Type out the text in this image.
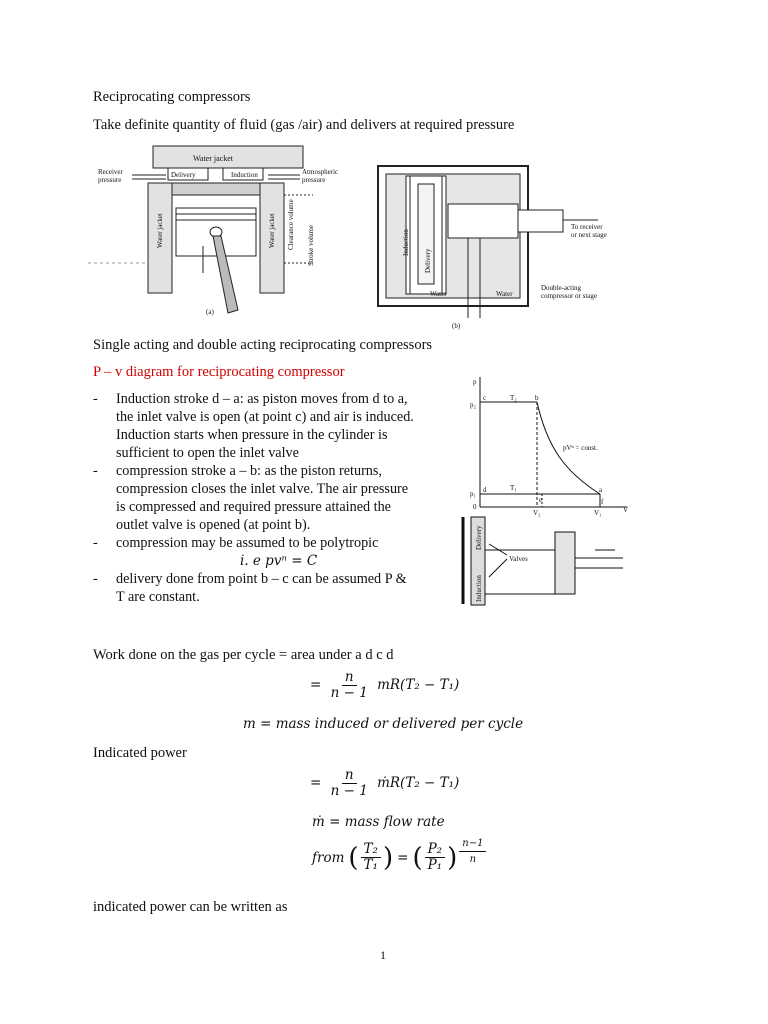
Reciprocating compressors
Take definite quantity of fluid (gas /air) and delivers at required pressure
Water jacket
Receiver
pressure
Delivery	Induction	Atmospheric
pressure
Water jacket	Water jacket Clearance volume Stroke volume
(a)
Induction
Delivery
To receiver
or next stage
Water	Water
Double-acting
compressor or stage
(b)
Single acting and double acting reciprocating compressors
P – v diagram for reciprocating compressor
-	Induction stroke d – a: as piston moves from d to a,
the inlet valve is open (at point c) and air is induced.
Induction starts when pressure in the cylinder is
sufficient to open the inlet valve
-	compression stroke a – b: as the piston returns,
compression closes the inlet valve. The air pressure
is compressed and required pressure attained the
outlet valve is opened (at point b).
-	compression may be assumed to be polytropic
i. e pvⁿ = C
-	delivery done from point b – c can be assumed P &
T are constant.
p
V
p₂
p₁
0
c	b
T₂
d	T₁	a
e	f
V₂	V₁
pVⁿ = const.
Delivery
Induction
Valves
Work done on the gas per cycle = area under a d c d
= $\frac{n}{n - 1} mR(T_2 - T_1)$
m = mass induced or delivered per cycle
Indicated power
= $\frac{n}{n - 1}$ ṁR(T₂ − T₁)
ṁ = mass flow rate
from ( $\frac{\text{T₂}}{\text{T₁}}$ ) = ( $\frac{\text{P₂}}{\text{P₁}}$ ) $\frac{n-1}{n}$
indicated power can be written as
1
